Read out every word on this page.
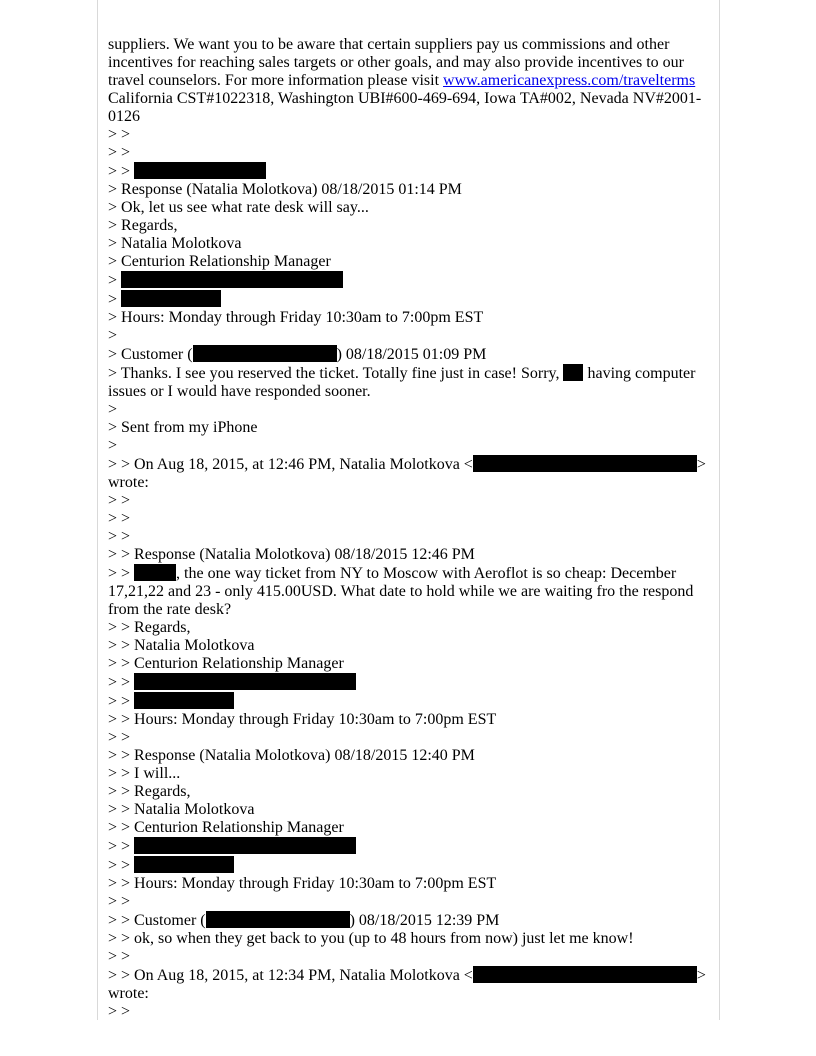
suppliers. We want you to be aware that certain suppliers pay us commissions and other incentives for reaching sales targets or other goals, and may also provide incentives to our travel counselors. For more information please visit www.americanexpress.com/travelterms
California CST#1022318, Washington UBI#600-469-694, Iowa TA#002, Nevada NV#2001-0126
> >
> >
> >
> Response (Natalia Molotkova) 08/18/2015 01:14 PM
> Ok, let us see what rate desk will say...
> Regards,
> Natalia Molotkova
> Centurion Relationship Manager
>
>
> Hours: Monday through Friday 10:30am to 7:00pm EST
>
> Customer (	) 08/18/2015 01:09 PM
> Thanks. I see you reserved the ticket. Totally fine just in case! Sorry,  having computer issues or I would have responded sooner.
>
> Sent from my iPhone
>
> > On Aug 18, 2015, at 12:46 PM, Natalia Molotkova <	>
wrote:
> >
> >
> >
> > Response (Natalia Molotkova) 08/18/2015 12:46 PM
> >	, the one way ticket from NY to Moscow with Aeroflot is so cheap: December 17,21,22 and 23 - only 415.00USD. What date to hold while we are waiting fro the respond from the rate desk?
> > Regards,
> > Natalia Molotkova
> > Centurion Relationship Manager
> >
> >
> > Hours: Monday through Friday 10:30am to 7:00pm EST
> >
> > Response (Natalia Molotkova) 08/18/2015 12:40 PM
> > I will...
> > Regards,
> > Natalia Molotkova
> > Centurion Relationship Manager
> >
> >
> > Hours: Monday through Friday 10:30am to 7:00pm EST
> >
> > Customer (	) 08/18/2015 12:39 PM
> > ok, so when they get back to you (up to 48 hours from now) just let me know!
> >
> > On Aug 18, 2015, at 12:34 PM, Natalia Molotkova <	>
wrote:
> >
